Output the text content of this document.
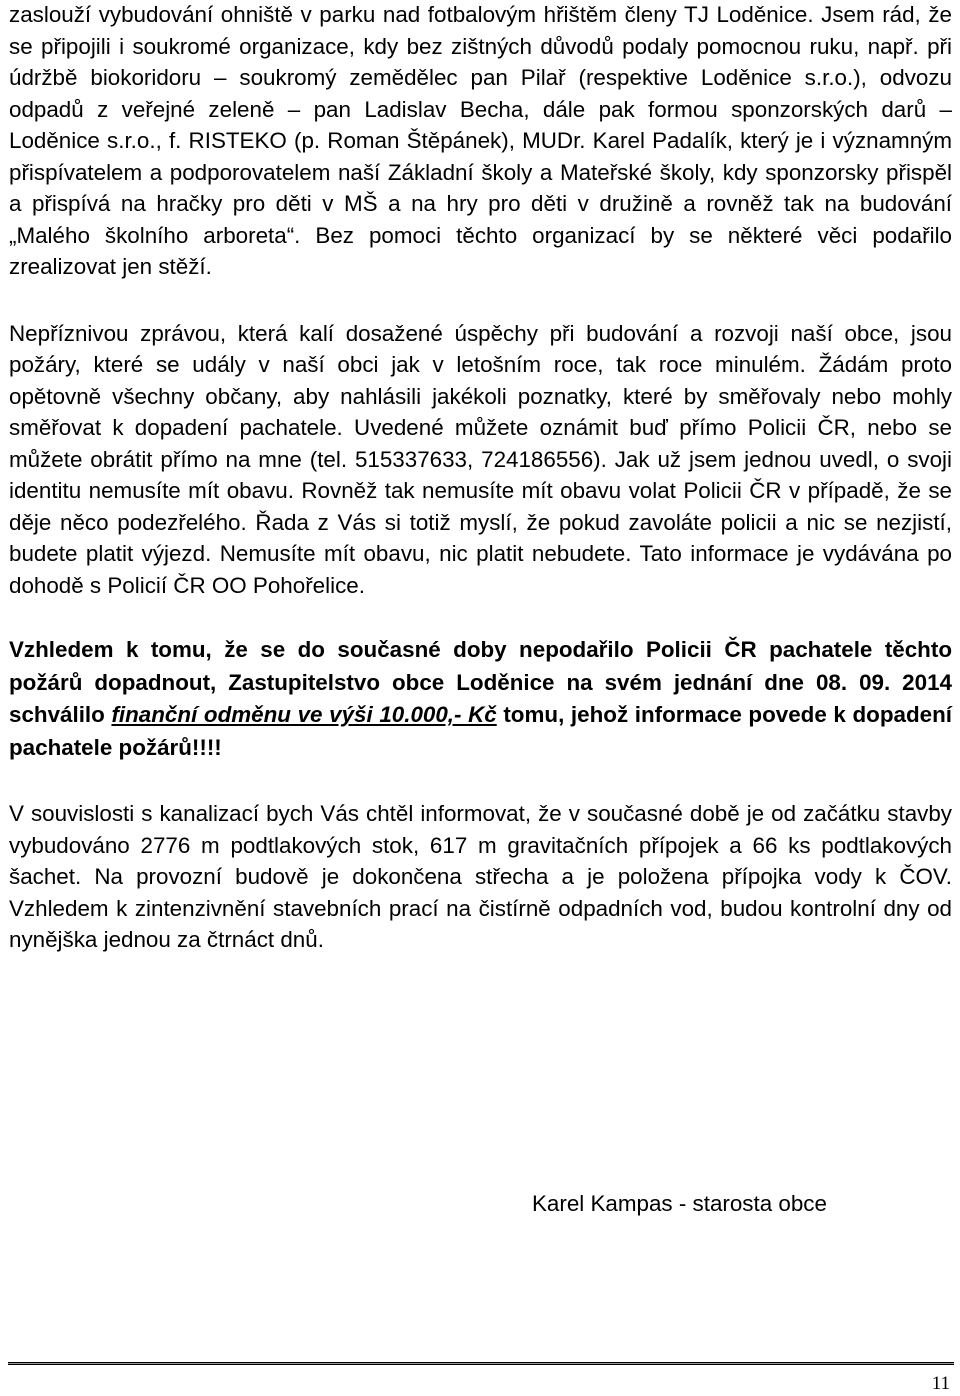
zaslouží vybudování ohniště v parku nad fotbalovým hřištěm členy TJ Loděnice. Jsem rád, že se připojili i soukromé organizace, kdy bez zištných důvodů podaly pomocnou ruku, např. při údržbě biokoridoru – soukromý zemědělec pan Pilař (respektive Loděnice s.r.o.), odvozu odpadů z veřejné zeleně – pan Ladislav Becha, dále pak formou sponzorských darů – Loděnice s.r.o., f. RISTEKO (p. Roman Štěpánek), MUDr. Karel Padalík, který je i významným přispívatelem a podporovatelem naší Základní školy a Mateřské školy, kdy sponzorsky přispěl a přispívá na hračky pro děti v MŠ a na hry pro děti v družině a rovněž tak na budování „Malého školního arboreta“. Bez pomoci těchto organizací by se některé věci podařilo zrealizovat jen stěží.

Nepříznivou zprávou, která kalí dosažené úspěchy při budování a rozvoji naší obce, jsou požáry, které se udály v naší obci jak v letošním roce, tak roce minulém. Žádám proto opětovně všechny občany, aby nahlásili jakékoli poznatky, které by směřovaly nebo mohly směřovat k dopadení pachatele. Uvedené můžete oznámit buď přímo Policii ČR, nebo se můžete obrátit přímo na mne (tel. 515337633, 724186556). Jak už jsem jednou uvedl, o svoji identitu nemusíte mít obavu. Rovněž tak nemusíte mít obavu volat Policii ČR v případě, že se děje něco podezřelého. Řada z Vás si totiž myslí, že pokud zavoláte policii a nic se nezjistí, budete platit výjezd. Nemusíte mít obavu, nic platit nebudete. Tato informace je vydávána po dohodě s Policií ČR OO Pohořelice.

Vzhledem k tomu, že se do současné doby nepodařilo Policii ČR pachatele těchto požárů dopadnout, Zastupitelstvo obce Loděnice na svém jednání dne 08. 09. 2014 schválilo finanční odměnu ve výši 10.000,- Kč tomu, jehož informace povede k dopadení pachatele požárů!!!!

V souvislosti s kanalizací bych Vás chtěl informovat, že v současné době je od začátku stavby vybudováno 2776 m podtlakových stok, 617 m gravitačních přípojek a 66 ks podtlakových šachet. Na provozní budově je dokončena střecha a je položena přípojka vody k ČOV. Vzhledem k zintenzivnění stavebních prací na čistírně odpadních vod, budou kontrolní dny od nynějška jednou za čtrnáct dnů.

Karel Kampas - starosta obce
11
